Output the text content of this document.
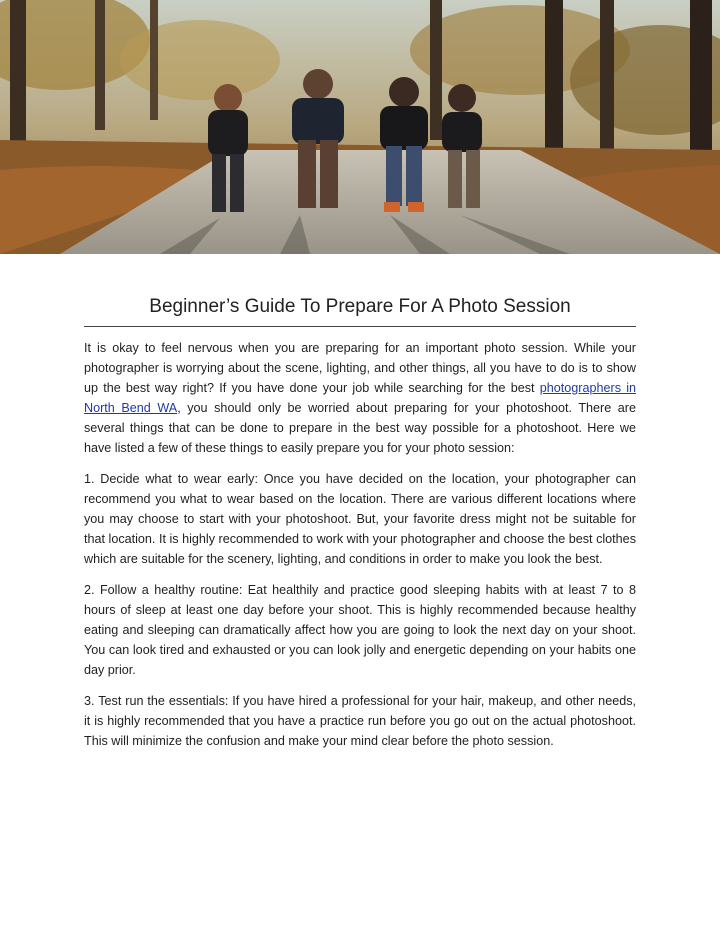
Beginner’s Guide To Prepare For A Photo Session

It is okay to feel nervous when you are preparing for an important photo session. While your photographer is worrying about the scene, lighting, and other things, all you have to do is to show up the best way right? If you have done your job while searching for the best photographers in North Bend WA, you should only be worried about preparing for your photoshoot. There are several things that can be done to prepare in the best way possible for a photoshoot. Here we have listed a few of these things to easily prepare you for your photo session:

1. Decide what to wear early: Once you have decided on the location, your photographer can recommend you what to wear based on the location. There are various different locations where you may choose to start with your photoshoot. But, your favorite dress might not be suitable for that location. It is highly recommended to work with your photographer and choose the best clothes which are suitable for the scenery, lighting, and conditions in order to make you look the best.

2. Follow a healthy routine: Eat healthily and practice good sleeping habits with at least 7 to 8 hours of sleep at least one day before your shoot. This is highly recommended because healthy eating and sleeping can dramatically affect how you are going to look the next day on your shoot. You can look tired and exhausted or you can look jolly and energetic depending on your habits one day prior.

3. Test run the essentials: If you have hired a professional for your hair, makeup, and other needs, it is highly recommended that you have a practice run before you go out on the actual photoshoot. This will minimize the confusion and make your mind clear before the photo session.
